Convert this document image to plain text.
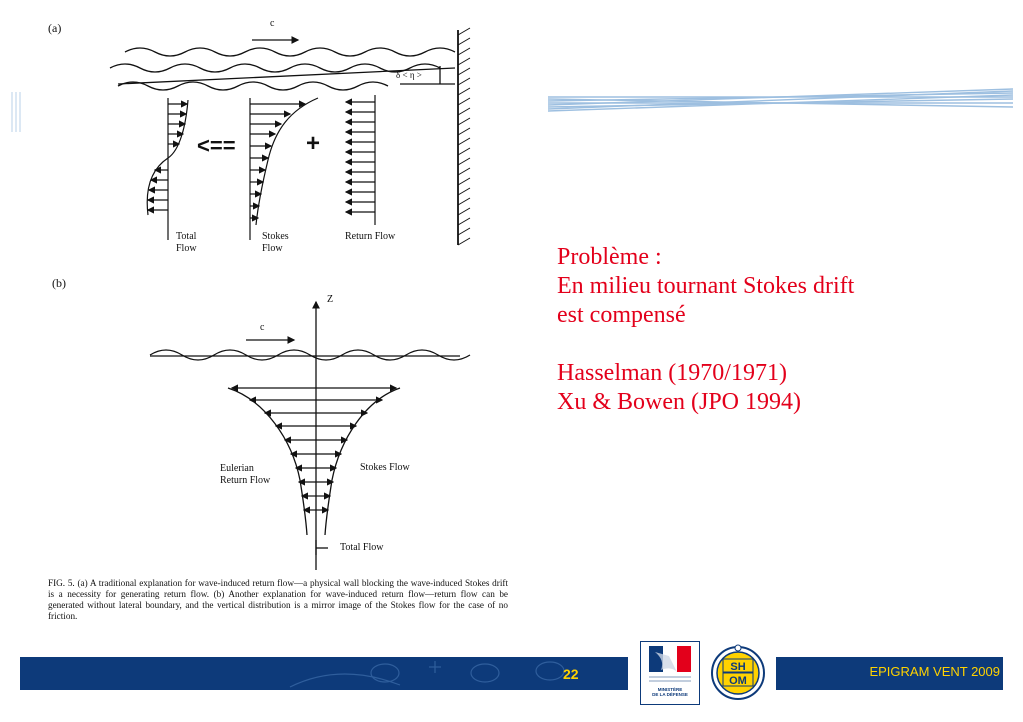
(a)
(b)
c
c
δ < η >
<==	+
Total
Flow
Stokes
Flow
Return Flow
Z
Eulerian
Return Flow
Stokes Flow
Total Flow
FIG. 5. (a) A traditional explanation for wave-induced return flow—a physical wall blocking the wave-induced Stokes drift is a necessity for generating return flow. (b) Another explanation for wave-induced return flow—return flow can be generated without lateral boundary, and the vertical distribution is a mirror image of the Stokes flow for the case of no friction.
Problème :
En milieu tournant Stokes drift
est compensé
Hasselman (1970/1971)
Xu & Bowen (JPO 1994)
22	EPIGRAM VENT 2009
MINISTÈRE
DE LA DÉFENSE
SH
OM
